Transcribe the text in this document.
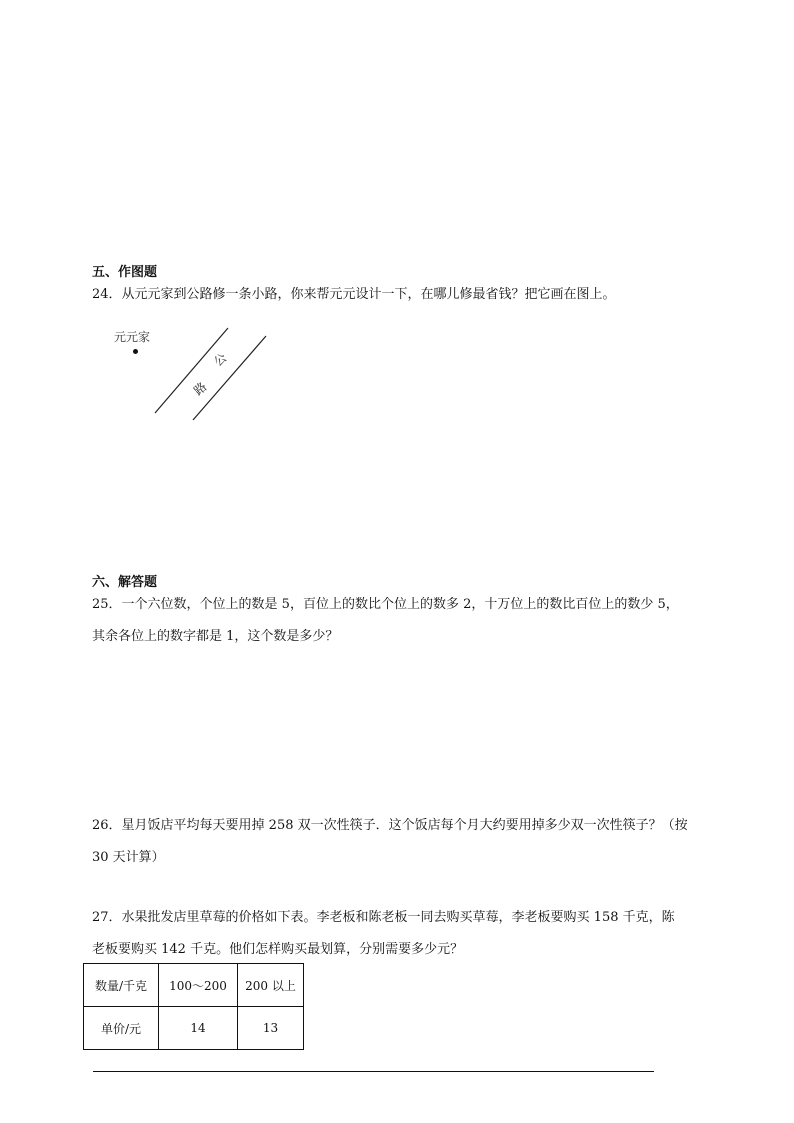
五、作图题
24．从元元家到公路修一条小路，你来帮元元设计一下，在哪儿修最省钱？把它画在图上。
元元家
公
路
六、解答题
25．一个六位数，个位上的数是 5，百位上的数比个位上的数多 2，十万位上的数比百位上的数少 5，
其余各位上的数字都是 1，这个数是多少？
26．星月饭店平均每天要用掉 258 双一次性筷子．这个饭店每个月大约要用掉多少双一次性筷子？（按
30 天计算）
27．水果批发店里草莓的价格如下表。李老板和陈老板一同去购买草莓，李老板要购买 158 千克，陈
老板要购买 142 千克。他们怎样购买最划算，分别需要多少元？
数量/千克	100～200	200 以上
单价/元	14	13
